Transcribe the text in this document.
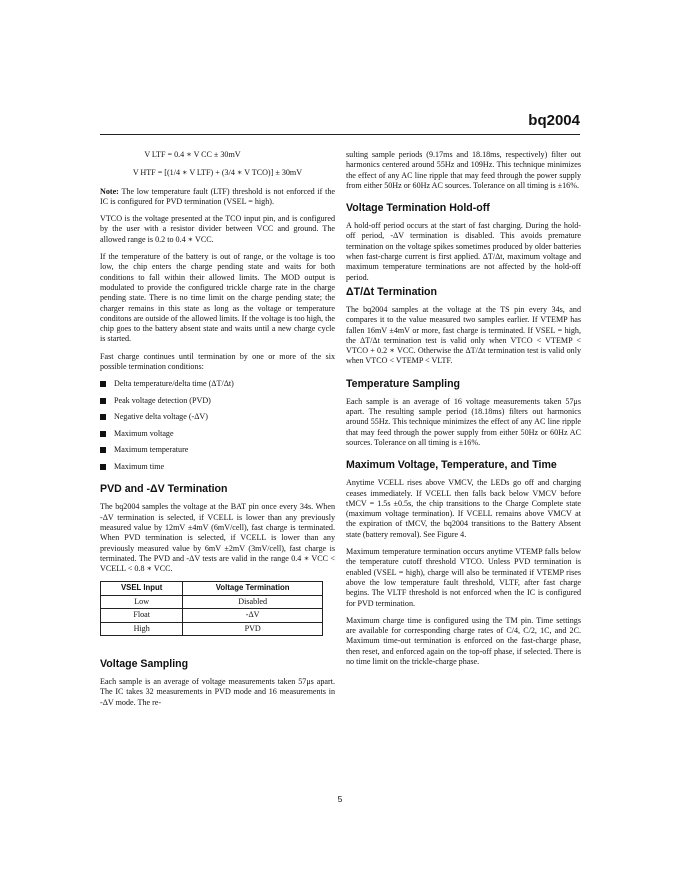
bq2004
V LTF = 0.4 ∗ V CC ± 30mV
V HTF = [(1/4 ∗ V LTF) + (3/4 ∗ V TCO)] ± 30mV

Note: The low temperature fault (LTF) threshold is not enforced if the IC is configured for PVD termination (VSEL = high).

VTCO is the voltage presented at the TCO input pin, and is configured by the user with a resistor divider between VCC and ground. The allowed range is 0.2 to 0.4 ∗ VCC.

If the temperature of the battery is out of range, or the voltage is too low, the chip enters the charge pending state and waits for both conditions to fall within their allowed limits. The MOD output is modulated to provide the configured trickle charge rate in the charge pending state. There is no time limit on the charge pending state; the charger remains in this state as long as the voltage or temperature conditons are outside of the allowed limits. If the voltage is too high, the chip goes to the battery absent state and waits until a new charge cycle is started.

Fast charge continues until termination by one or more of the six possible termination conditions:

Delta temperature/delta time (ΔT/Δt)
Peak voltage detection (PVD)
Negative delta voltage (-ΔV)
Maximum voltage
Maximum temperature
Maximum time
PVD and -ΔV Termination

The bq2004 samples the voltage at the BAT pin once every 34s. When -ΔV termination is selected, if VCELL is lower than any previously measured value by 12mV ±4mV (6mV/cell), fast charge is terminated. When PVD termination is selected, if VCELL is lower than any previously measured value by 6mV ±2mV (3mV/cell), fast charge is terminated. The PVD and -ΔV tests are valid in the range 0.4 ∗ VCC < VCELL < 0.8 ∗ VCC.

VSEL Input	Voltage Termination
Low	Disabled
Float	-ΔV
High	PVD
Voltage Sampling

Each sample is an average of voltage measurements taken 57μs apart. The IC takes 32 measurements in PVD mode and 16 measurements in -ΔV mode. The re-

sulting sample periods (9.17ms and 18.18ms, respectively) filter out harmonics centered around 55Hz and 109Hz. This technique minimizes the effect of any AC line ripple that may feed through the power supply from either 50Hz or 60Hz AC sources. Tolerance on all timing is ±16%.

Voltage Termination Hold-off

A hold-off period occurs at the start of fast charging. During the hold-off period, -ΔV termination is disabled. This avoids premature termination on the voltage spikes sometimes produced by older batteries when fast-charge current is first applied. ΔT/Δt, maximum voltage and maximum temperature terminations are not affected by the hold-off period.

ΔT/Δt Termination

The bq2004 samples at the voltage at the TS pin every 34s, and compares it to the value measured two samples earlier. If VTEMP has fallen 16mV ±4mV or more, fast charge is terminated. If VSEL = high, the ΔT/Δt termination test is valid only when VTCO < VTEMP < VTCO + 0.2 ∗ VCC. Otherwise the ΔT/Δt termination test is valid only when VTCO < VTEMP < VLTF.

Temperature Sampling

Each sample is an average of 16 voltage measurements taken 57μs apart. The resulting sample period (18.18ms) filters out harmonics around 55Hz. This technique minimizes the effect of any AC line ripple that may feed through the power supply from either 50Hz or 60Hz AC sources. Tolerance on all timing is ±16%.

Maximum Voltage, Temperature, and Time

Anytime VCELL rises above VMCV, the LEDs go off and charging ceases immediately. If VCELL then falls back below VMCV before tMCV = 1.5s ±0.5s, the chip transitions to the Charge Complete state (maximum voltage termination). If VCELL remains above VMCV at the expiration of tMCV, the bq2004 transitions to the Battery Absent state (battery removal). See Figure 4.

Maximum temperature termination occurs anytime VTEMP falls below the temperature cutoff threshold VTCO. Unless PVD termination is enabled (VSEL = high), charge will also be terminated if VTEMP rises above the low temperature fault threshold, VLTF, after fast charge begins. The VLTF threshold is not enforced when the IC is configured for PVD termination.

Maximum charge time is configured using the TM pin. Time settings are available for corresponding charge rates of C/4, C/2, 1C, and 2C. Maximum time-out termination is enforced on the fast-charge phase, then reset, and enforced again on the top-off phase, if selected. There is no time limit on the trickle-charge phase.

5
